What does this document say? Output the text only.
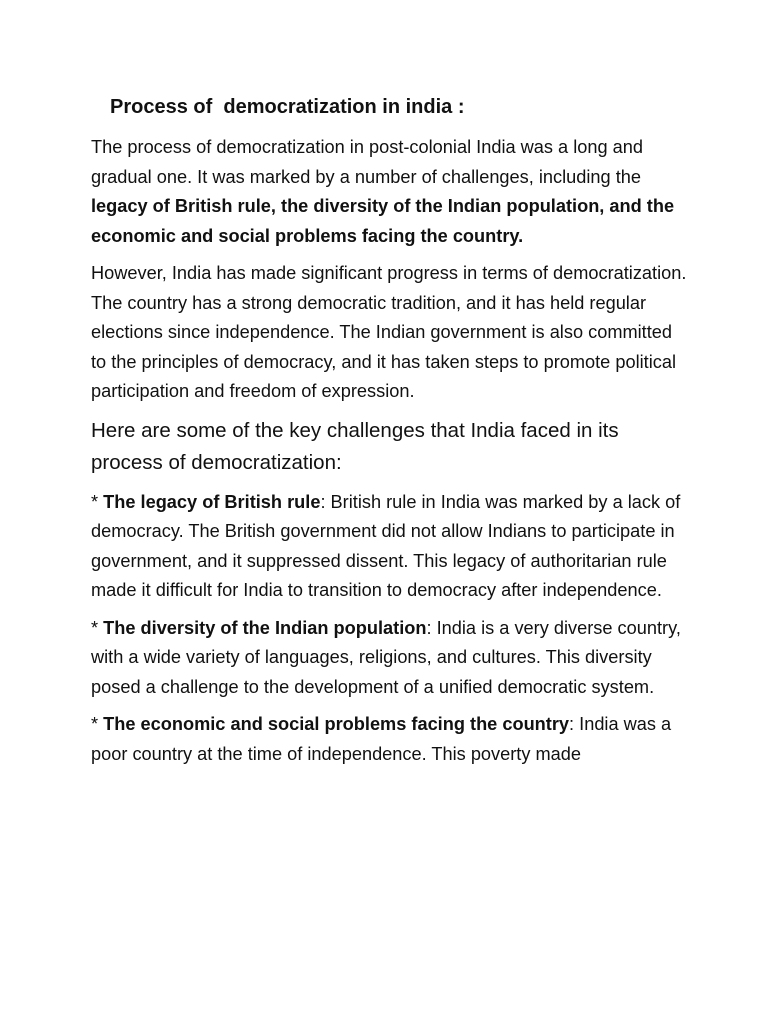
Process of  democratization in india :

The process of democratization in post-colonial India was a long and gradual one. It was marked by a number of challenges, including the legacy of British rule, the diversity of the Indian population, and the economic and social problems facing the country.

However, India has made significant progress in terms of democratization. The country has a strong democratic tradition, and it has held regular elections since independence. The Indian government is also committed to the principles of democracy, and it has taken steps to promote political participation and freedom of expression.

Here are some of the key challenges that India faced in its process of democratization:

* The legacy of British rule: British rule in India was marked by a lack of democracy. The British government did not allow Indians to participate in government, and it suppressed dissent. This legacy of authoritarian rule made it difficult for India to transition to democracy after independence.

* The diversity of the Indian population: India is a very diverse country, with a wide variety of languages, religions, and cultures. This diversity posed a challenge to the development of a unified democratic system.

* The economic and social problems facing the country: India was a poor country at the time of independence. This poverty made
